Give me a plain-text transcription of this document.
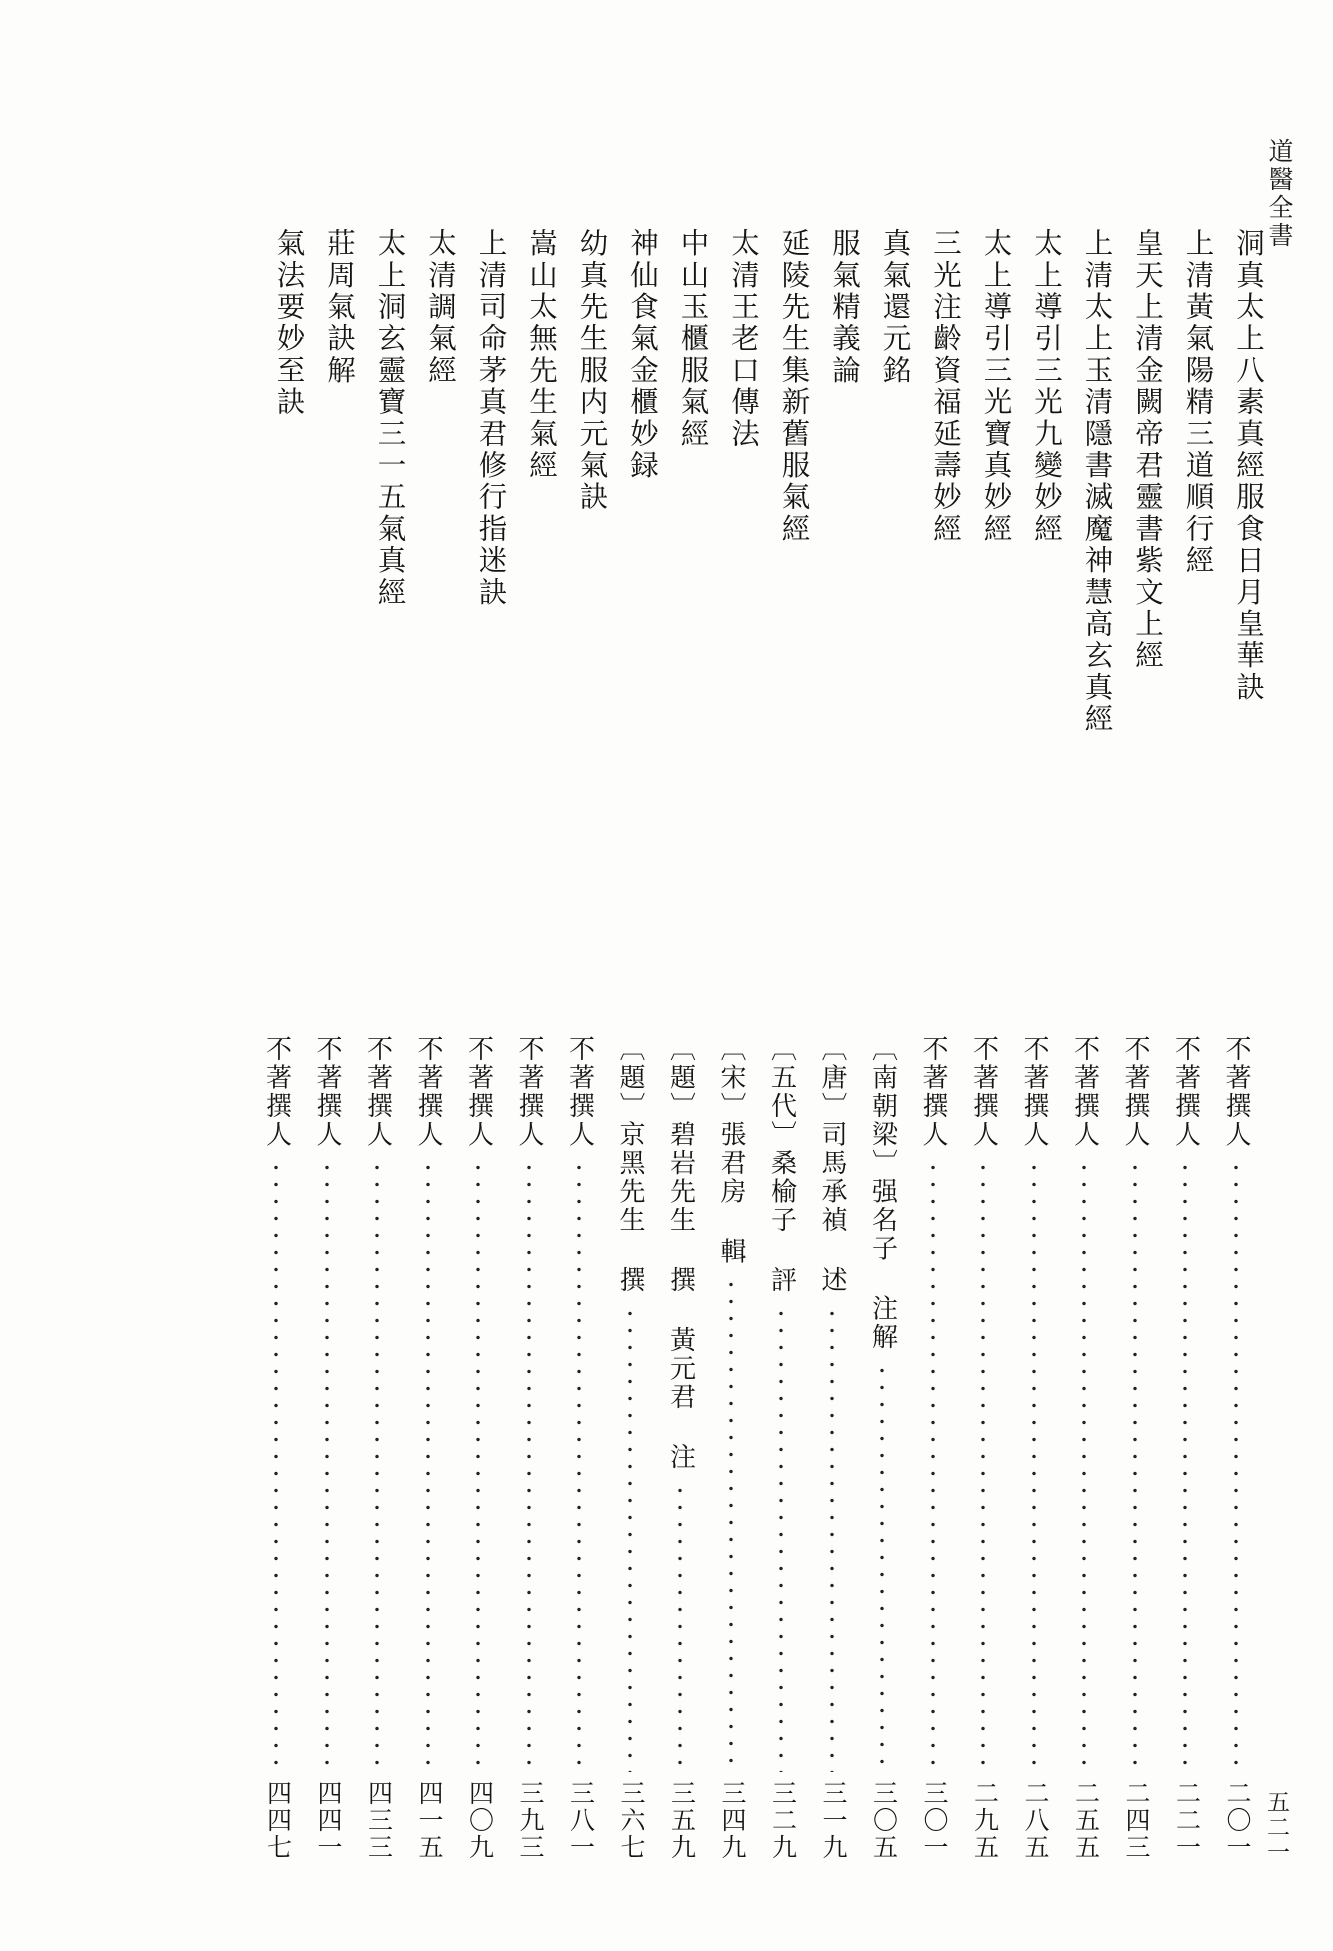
道醫全書
洞真太上八素真經服食日月皇華訣
上清黃氣陽精三道順行經
皇天上清金闕帝君靈書紫文上經
上清太上玉清隱書滅魔神慧高玄真經
太上導引三光九變妙經
太上導引三光寶真妙經
三光注齡資福延壽妙經
真氣還元銘
服氣精義論
延陵先生集新舊服氣經
太清王老口傳法
中山玉櫃服氣經
神仙食氣金櫃妙録
幼真先生服内元氣訣
嵩山太無先生氣經
上清司命茅真君修行指迷訣
太清調氣經
太上洞玄靈寶三一五氣真經
莊周氣訣解
氣法要妙至訣
不著撰人
二〇一
不著撰人
二二一
不著撰人
二四三
不著撰人
二五五
不著撰人
二八五
不著撰人
二九五
不著撰人
三〇一
〔南朝梁〕强名子 注解
三〇五
〔唐〕司馬承禎 述
三一九
〔五代〕桑榆子 評
三二九
〔宋〕張君房 輯
三四九
〔題〕碧岩先生 撰 黃元君 注
三五九
〔題〕京黑先生 撰
三六七
不著撰人
三八一
不著撰人
三九三
不著撰人
四〇九
不著撰人
四一五
不著撰人
四三三
不著撰人
四四一
不著撰人
四四七	五二一
